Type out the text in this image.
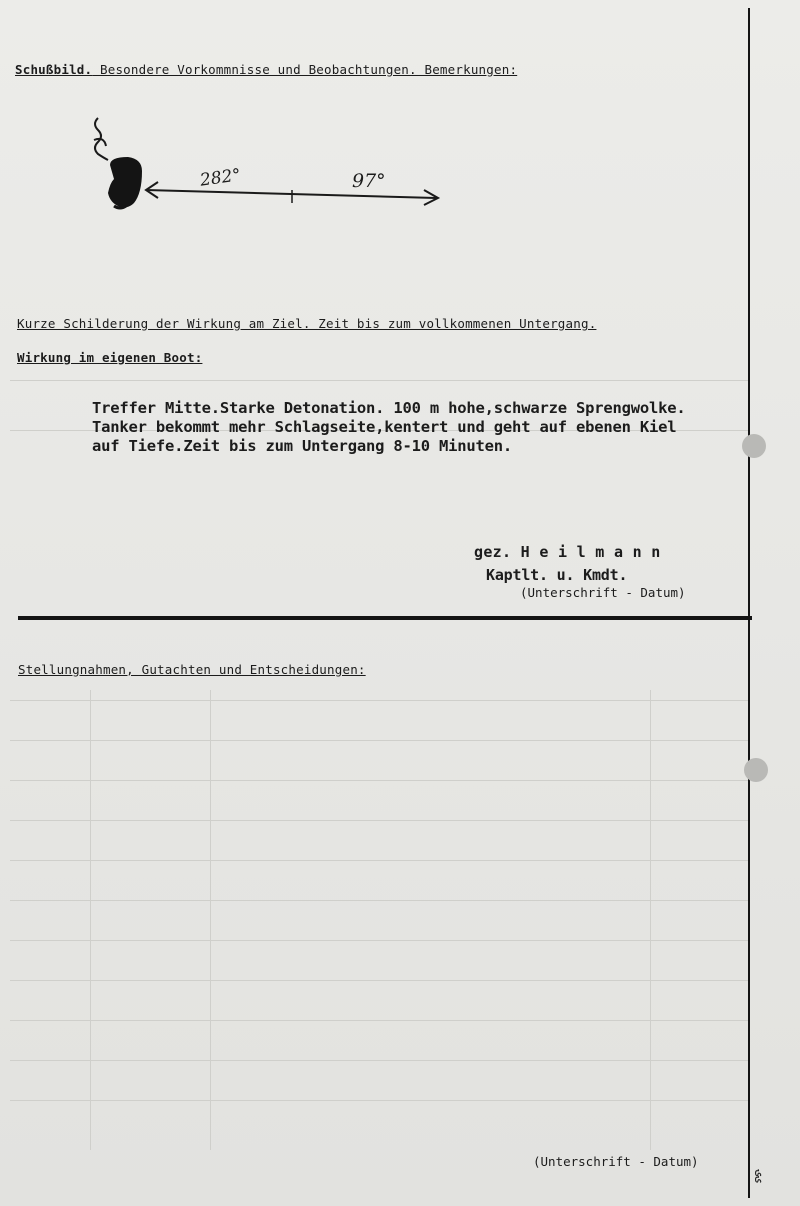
Schußbild. Besondere Vorkommnisse und Beobachtungen. Bemerkungen:
282°	97°
Kurze Schilderung der Wirkung am Ziel. Zeit bis zum vollkommenen Untergang.
Wirkung im eigenen Boot:
Treffer Mitte.Starke Detonation. 100 m hohe,schwarze Sprengwolke.
Tanker bekommt mehr Schlagseite,kentert und geht auf ebenen Kiel
auf Tiefe.Zeit bis zum Untergang 8-10 Minuten.
gez. H e i l m a n n
Kaptlt. u. Kmdt.
(Unterschrift - Datum)
Stellungnahmen, Gutachten und Entscheidungen:
(Unterschrift - Datum)
ۍۍ
